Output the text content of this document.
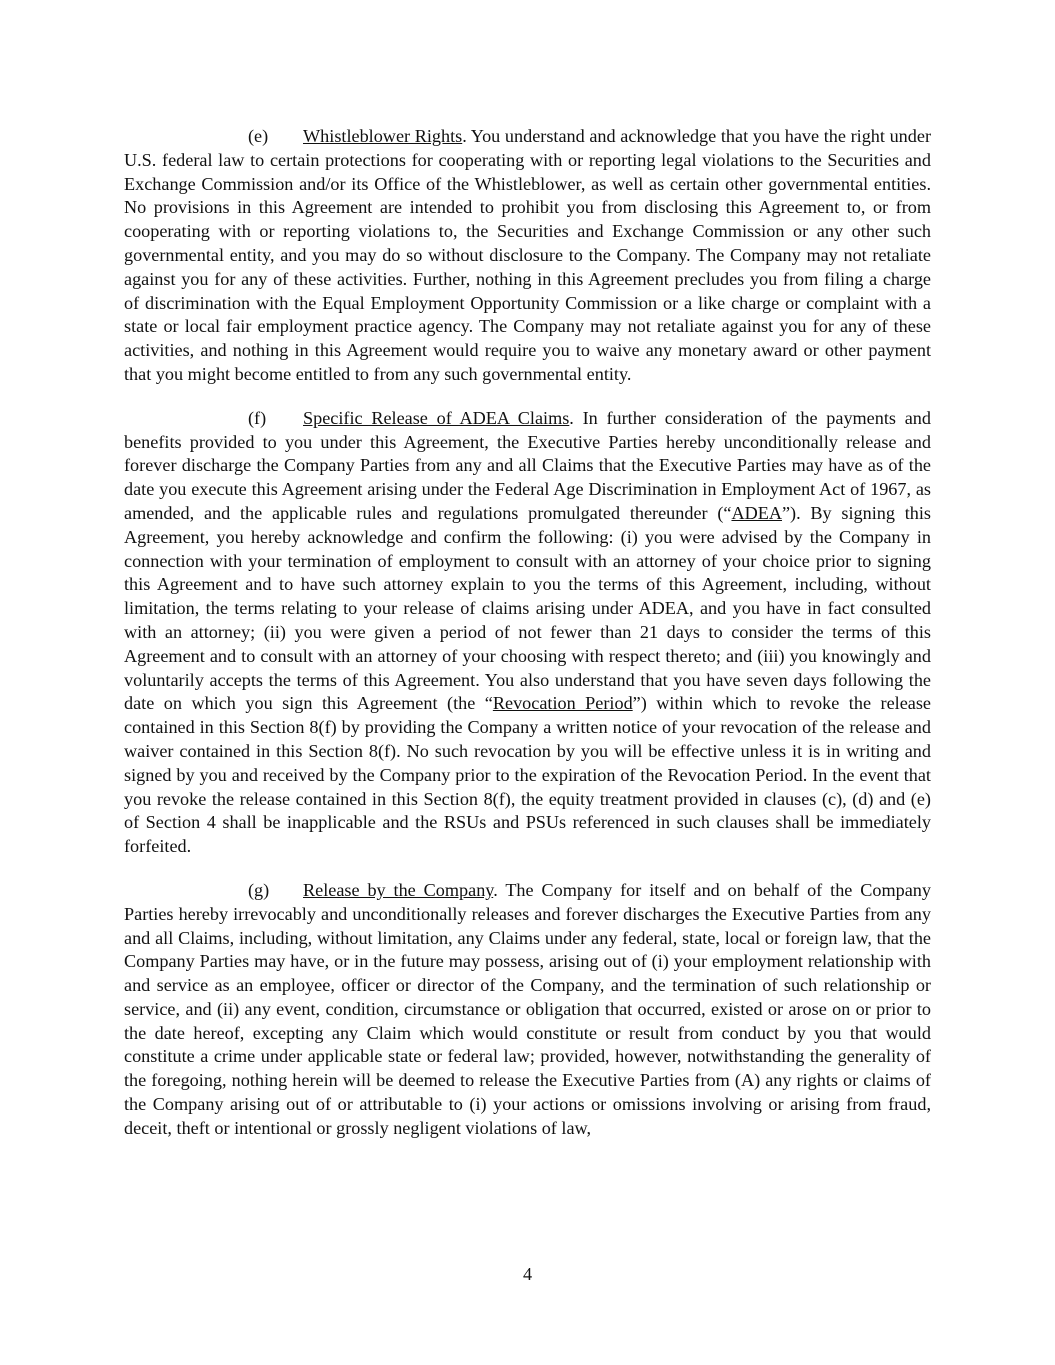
(e) Whistleblower Rights. You understand and acknowledge that you have the right under U.S. federal law to certain protections for cooperating with or reporting legal violations to the Securities and Exchange Commission and/or its Office of the Whistleblower, as well as certain other governmental entities. No provisions in this Agreement are intended to prohibit you from disclosing this Agreement to, or from cooperating with or reporting violations to, the Securities and Exchange Commission or any other such governmental entity, and you may do so without disclosure to the Company. The Company may not retaliate against you for any of these activities. Further, nothing in this Agreement precludes you from filing a charge of discrimination with the Equal Employment Opportunity Commission or a like charge or complaint with a state or local fair employment practice agency. The Company may not retaliate against you for any of these activities, and nothing in this Agreement would require you to waive any monetary award or other payment that you might become entitled to from any such governmental entity.

(f) Specific Release of ADEA Claims. In further consideration of the payments and benefits provided to you under this Agreement, the Executive Parties hereby unconditionally release and forever discharge the Company Parties from any and all Claims that the Executive Parties may have as of the date you execute this Agreement arising under the Federal Age Discrimination in Employment Act of 1967, as amended, and the applicable rules and regulations promulgated thereunder (“ADEA”). By signing this Agreement, you hereby acknowledge and confirm the following: (i) you were advised by the Company in connection with your termination of employment to consult with an attorney of your choice prior to signing this Agreement and to have such attorney explain to you the terms of this Agreement, including, without limitation, the terms relating to your release of claims arising under ADEA, and you have in fact consulted with an attorney; (ii) you were given a period of not fewer than 21 days to consider the terms of this Agreement and to consult with an attorney of your choosing with respect thereto; and (iii) you knowingly and voluntarily accepts the terms of this Agreement. You also understand that you have seven days following the date on which you sign this Agreement (the “Revocation Period”) within which to revoke the release contained in this Section 8(f) by providing the Company a written notice of your revocation of the release and waiver contained in this Section 8(f). No such revocation by you will be effective unless it is in writing and signed by you and received by the Company prior to the expiration of the Revocation Period. In the event that you revoke the release contained in this Section 8(f), the equity treatment provided in clauses (c), (d) and (e) of Section 4 shall be inapplicable and the RSUs and PSUs referenced in such clauses shall be immediately forfeited.

(g) Release by the Company. The Company for itself and on behalf of the Company Parties hereby irrevocably and unconditionally releases and forever discharges the Executive Parties from any and all Claims, including, without limitation, any Claims under any federal, state, local or foreign law, that the Company Parties may have, or in the future may possess, arising out of (i) your employment relationship with and service as an employee, officer or director of the Company, and the termination of such relationship or service, and (ii) any event, condition, circumstance or obligation that occurred, existed or arose on or prior to the date hereof, excepting any Claim which would constitute or result from conduct by you that would constitute a crime under applicable state or federal law; provided, however, notwithstanding the generality of the foregoing, nothing herein will be deemed to release the Executive Parties from (A) any rights or claims of the Company arising out of or attributable to (i) your actions or omissions involving or arising from fraud, deceit, theft or intentional or grossly negligent violations of law,

4
